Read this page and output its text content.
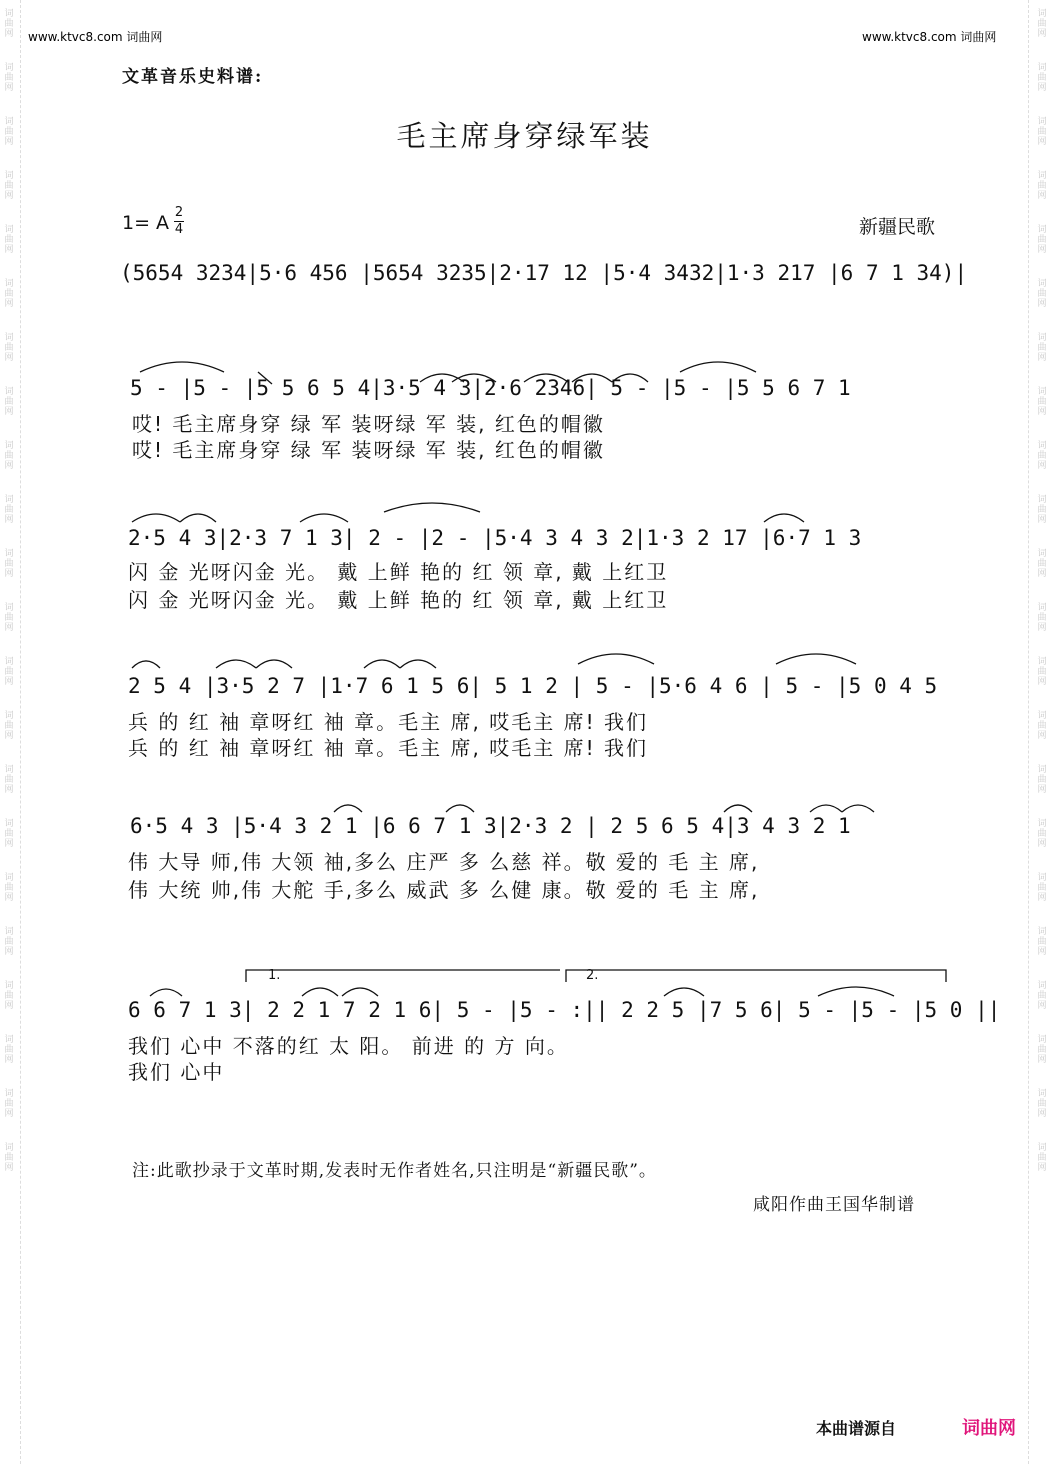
词曲网
词曲网
词曲网
词曲网
词曲网
词曲网
词曲网
词曲网
词曲网
词曲网
词曲网
词曲网
词曲网
词曲网
词曲网
词曲网
词曲网
词曲网
词曲网
词曲网
词曲网
词曲网
词曲网
词曲网
词曲网
词曲网
词曲网
词曲网
词曲网
词曲网
词曲网
词曲网
词曲网
词曲网
词曲网
词曲网
词曲网
词曲网
词曲网
词曲网
词曲网
词曲网
词曲网
词曲网
www.ktvc8.com 词曲网	www.ktvc8.com 词曲网
文革音乐史料谱:
毛主席身穿绿军装
1= A 2
4	新疆民歌
(5654 3234|5·6 456 |5654 3235|2·17 12 |5·4 3432|1·3 217 |6 7 1 34)|
5 - |5 - |5 5 6 5 4|3·5 4 3|2·6 2346| 5 - |5 - |5 5 6 7 1
哎! 毛主席身穿 绿 军 装呀绿 军 装, 红色的帽徽
哎! 毛主席身穿 绿 军 装呀绿 军 装, 红色的帽徽
2·5 4 3|2·3 7 1 3| 2 - |2 - |5·4 3 4 3 2|1·3 2 17 |6·7 1 3
闪 金 光呀闪金 光。 戴 上鲜 艳的 红 领 章, 戴 上红卫
闪 金 光呀闪金 光。 戴 上鲜 艳的 红 领 章, 戴 上红卫
2 5 4 |3·5 2 7 |1·7 6 1 5 6| 5 1 2 | 5 - |5·6 4 6 | 5 - |5 0 4 5
兵 的 红 袖 章呀红 袖 章。毛主 席, 哎毛主 席! 我们
兵 的 红 袖 章呀红 袖 章。毛主 席, 哎毛主 席! 我们
6·5 4 3 |5·4 3 2 1 |6 6 7 1 3|2·3 2 | 2 5 6 5 4|3 4 3 2 1
伟 大导 师,伟 大领 袖,多么 庄严 多 么慈 祥。敬 爱的 毛 主 席,
伟 大统 帅,伟 大舵 手,多么 威武 多 么健 康。敬 爱的 毛 主 席,
1.	2.
6 6 7 1 3| 2 2 1 7 2 1 6| 5 - |5 - :|| 2 2 5 |7 5 6| 5 - |5 - |5 0 ||
我们 心中 不落的红 太 阳。 前进 的 方 向。
我们 心中
注:此歌抄录于文革时期,发表时无作者姓名,只注明是“新疆民歌”。
咸阳作曲王国华制谱
本曲谱源自	词曲网
